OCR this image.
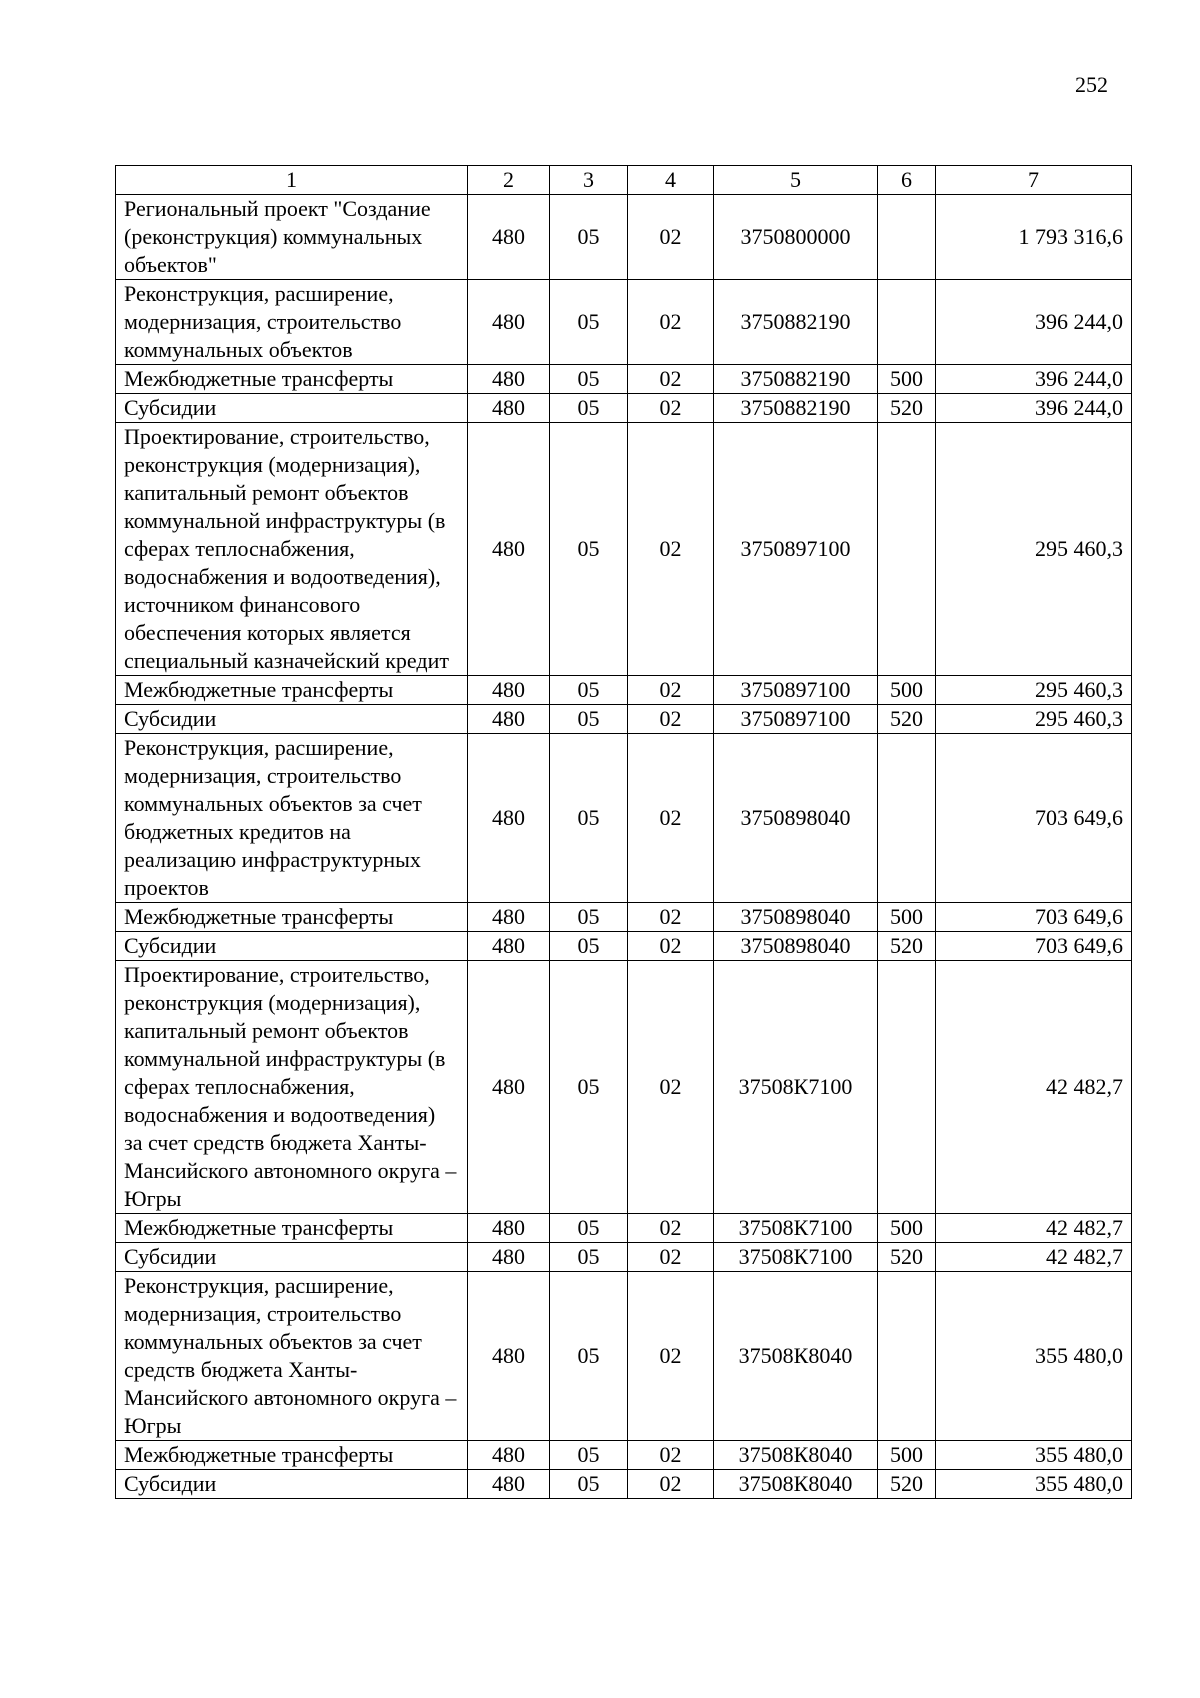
252
1	2	3	4	5	6	7
Региональный проект "Создание (реконструкция) коммунальных объектов"	480	05	02	3750800000		1 793 316,6
Реконструкция, расширение, модернизация, строительство коммунальных объектов	480	05	02	3750882190		396 244,0
Межбюджетные трансферты	480	05	02	3750882190	500	396 244,0
Субсидии	480	05	02	3750882190	520	396 244,0
Проектирование, строительство, реконструкция (модернизация), капитальный ремонт объектов коммунальной инфраструктуры (в сферах теплоснабжения, водоснабжения и водоотведения), источником финансового обеспечения которых является специальный казначейский кредит	480	05	02	3750897100		295 460,3
Межбюджетные трансферты	480	05	02	3750897100	500	295 460,3
Субсидии	480	05	02	3750897100	520	295 460,3
Реконструкция, расширение, модернизация, строительство коммунальных объектов за счет бюджетных кредитов на реализацию инфраструктурных проектов	480	05	02	3750898040		703 649,6
Межбюджетные трансферты	480	05	02	3750898040	500	703 649,6
Субсидии	480	05	02	3750898040	520	703 649,6
Проектирование, строительство, реконструкция (модернизация), капитальный ремонт объектов коммунальной инфраструктуры (в сферах теплоснабжения, водоснабжения и водоотведения) за счет средств бюджета Ханты-Мансийского автономного округа – Югры	480	05	02	37508К7100		42 482,7
Межбюджетные трансферты	480	05	02	37508К7100	500	42 482,7
Субсидии	480	05	02	37508К7100	520	42 482,7
Реконструкция, расширение, модернизация, строительство коммунальных объектов за счет средств бюджета Ханты-Мансийского автономного округа – Югры	480	05	02	37508К8040		355 480,0
Межбюджетные трансферты	480	05	02	37508К8040	500	355 480,0
Субсидии	480	05	02	37508К8040	520	355 480,0
